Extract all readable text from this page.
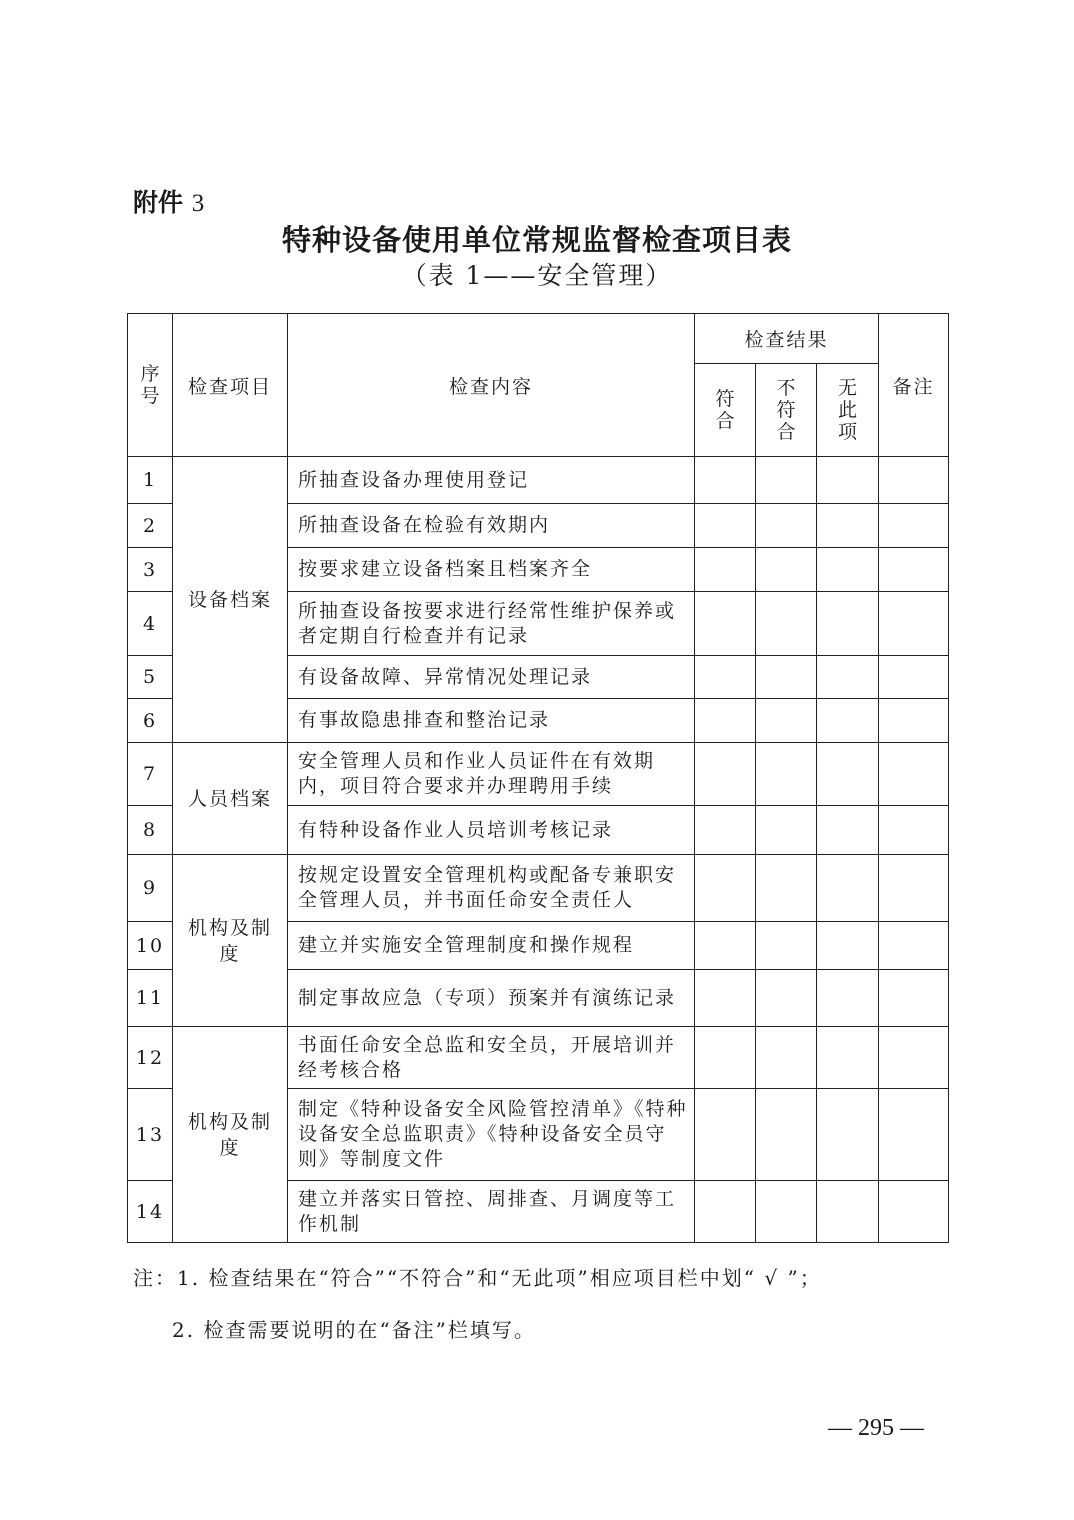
附件 3
特种设备使用单位常规监督检查项目表
（表 1——安全管理）
序号	检查项目	检查内容	检查结果			备注
			符合	不符合	无此项	
1	设备档案	所抽查设备办理使用登记				
2		所抽查设备在检验有效期内				
3		按要求建立设备档案且档案齐全				
4		所抽查设备按要求进行经常性维护保养或者定期自行检查并有记录				
5		有设备故障、异常情况处理记录				
6		有事故隐患排查和整治记录				
7	人员档案	安全管理人员和作业人员证件在有效期内，项目符合要求并办理聘用手续				
8		有特种设备作业人员培训考核记录				
9	机构及制度	按规定设置安全管理机构或配备专兼职安全管理人员，并书面任命安全责任人				
10		建立并实施安全管理制度和操作规程				
11		制定事故应急（专项）预案并有演练记录				
12	机构及制度	书面任命安全总监和安全员，开展培训并经考核合格				
13		制定《特种设备安全风险管控清单》《特种设备安全总监职责》《特种设备安全员守则》等制度文件				
14		建立并落实日管控、周排查、月调度等工作机制				
注：1. 检查结果在“符合”“不符合”和“无此项”相应项目栏中划“ √ ”；
2. 检查需要说明的在“备注”栏填写。
— 295 —
